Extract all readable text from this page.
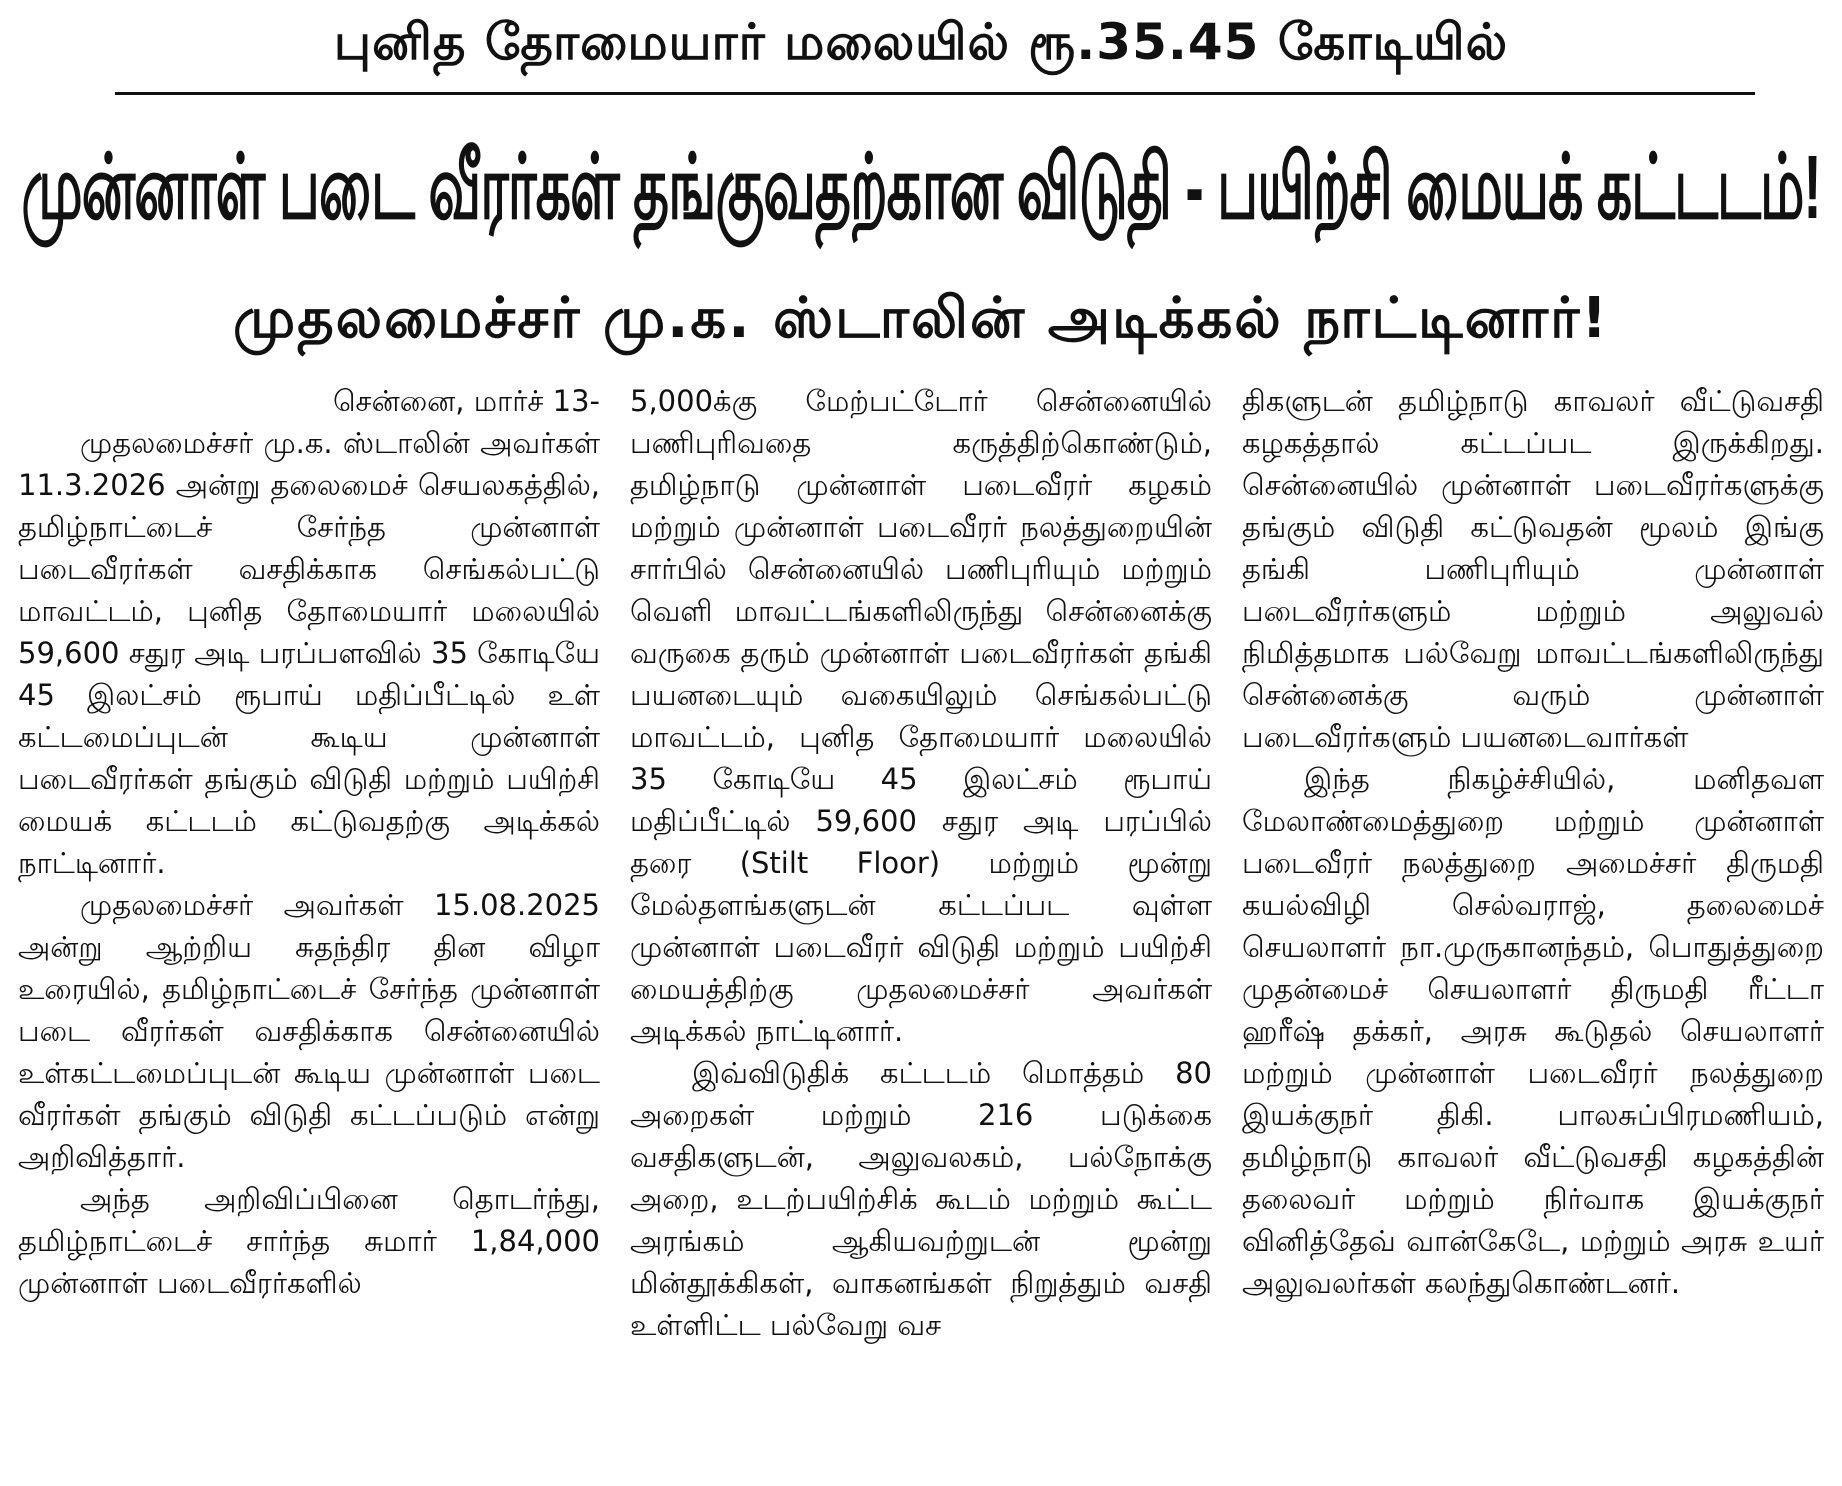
புனித தோமையார் மலையில் ரூ.35.45 கோடியில்
முன்னாள் படை வீரர்கள் தங்குவதற்கான விடுதி - பயிற்சி மையக் கட்டடம்!
முதலமைச்சர் மு.க. ஸ்டாலின் அடிக்கல் நாட்டினார்!

சென்னை, மார்ச் 13-

முதலமைச்சர் மு.க. ஸ்டாலின் அவர்கள் 11.3.2026 அன்று தலைமைச் செயலகத்தில், தமிழ்நாட்டைச் சேர்ந்த முன்னாள் படைவீரர்கள் வசதிக்காக செங்கல்பட்டு மாவட்டம், புனித தோமையார் மலையில் 59,600 சதுர அடி பரப்பளவில் 35 கோடியே 45 இலட்சம் ரூபாய் மதிப்பீட்டில் உள் கட்டமைப்புடன் கூடிய முன்னாள் படைவீரர்கள் தங்கும் விடுதி மற்றும் பயிற்சி மையக் கட்டடம் கட்டுவதற்கு அடிக்கல் நாட்டினார்.

முதலமைச்சர் அவர்கள் 15.08.2025 அன்று ஆற்றிய சுதந்திர தின விழா உரையில், தமிழ்நாட்டைச் சேர்ந்த முன்னாள் படை வீரர்கள் வசதிக்காக சென்னையில் உள்கட்டமைப்புடன் கூடிய முன்னாள் படை வீரர்கள் தங்கும் விடுதி கட்டப்படும் என்று அறிவித்தார்.

அந்த அறிவிப்பினை தொடர்ந்து, தமிழ்நாட்டைச் சார்ந்த சுமார் 1,84,000 முன்னாள் படைவீரர்களில்

5,000க்கு மேற்பட்டோர் சென்னையில் பணிபுரிவதை கருத்திற்கொண்டும், தமிழ்நாடு முன்னாள் படைவீரர் கழகம் மற்றும் முன்னாள் படைவீரர் நலத்துறையின் சார்பில் சென்னையில் பணிபுரியும் மற்றும் வெளி மாவட்டங்களிலிருந்து சென்னைக்கு வருகை தரும் முன்னாள் படைவீரர்கள் தங்கி பயனடையும் வகையிலும் செங்கல்பட்டு மாவட்டம், புனித தோமையார் மலையில் 35 கோடியே 45 இலட்சம் ரூபாய் மதிப்பீட்டில் 59,600 சதுர அடி பரப்பில் தரை (Stilt Floor) மற்றும் மூன்று மேல்தளங்களுடன் கட்டப்பட வுள்ள முன்னாள் படைவீரர் விடுதி மற்றும் பயிற்சி மையத்திற்கு முதலமைச்சர் அவர்கள் அடிக்கல் நாட்டினார்.

இவ்விடுதிக் கட்டடம் மொத்தம் 80 அறைகள் மற்றும் 216 படுக்கை வசதிகளுடன், அலுவலகம், பல்நோக்கு அறை, உடற்பயிற்சிக் கூடம் மற்றும் கூட்ட அரங்கம் ஆகியவற்றுடன் மூன்று மின்தூக்கிகள், வாகனங்கள் நிறுத்தும் வசதி உள்ளிட்ட பல்வேறு வச

திகளுடன் தமிழ்நாடு காவலர் வீட்டுவசதி கழகத்தால் கட்டப்பட இருக்கிறது. சென்னையில் முன்னாள் படைவீரர்களுக்கு தங்கும் விடுதி கட்டுவதன் மூலம் இங்கு தங்கி பணிபுரியும் முன்னாள் படைவீரர்களும் மற்றும் அலுவல் நிமித்தமாக பல்வேறு மாவட்டங்களிலிருந்து சென்னைக்கு வரும் முன்னாள் படைவீரர்களும் பயனடைவார்கள்

இந்த நிகழ்ச்சியில், மனிதவள மேலாண்மைத்துறை மற்றும் முன்னாள் படைவீரர் நலத்துறை அமைச்சர் திருமதி கயல்விழி செல்வராஜ், தலைமைச் செயலாளர் நா.முருகானந்தம், பொதுத்துறை முதன்மைச் செயலாளர் திருமதி ரீட்டா ஹரீஷ் தக்கர், அரசு கூடுதல் செயலாளர் மற்றும் முன்னாள் படைவீரர் நலத்துறை இயக்குநர் திகி. பாலசுப்பிரமணியம், தமிழ்நாடு காவலர் வீட்டுவசதி கழகத்தின் தலைவர் மற்றும் நிர்வாக இயக்குநர் வினித்தேவ் வான்கேடே, மற்றும் அரசு உயர் அலுவலர்கள் கலந்துகொண்டனர்.
